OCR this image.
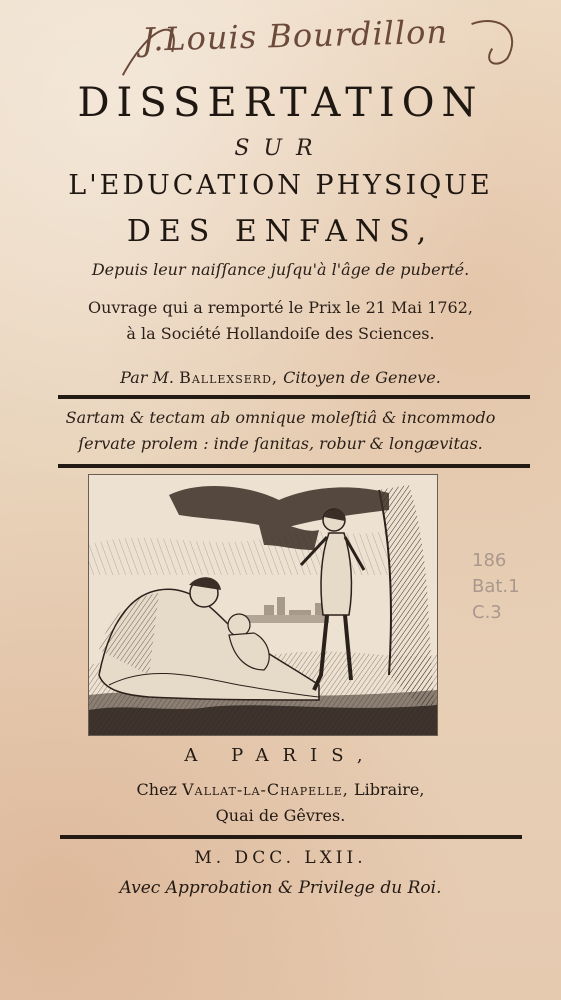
J.Louis Bourdillon
DISSERTATION
SUR
L'EDUCATION PHYSIQUE
DES ENFANS,
Depuis leur naiſſance juſqu'à l'âge de puberté.
Ouvrage qui a remporté le Prix le 21 Mai 1762,
à la Société Hollandoiſe des Sciences.
Par M. Ballexserd, Citoyen de Geneve.
Sartam & tectam ab omnique moleſtiâ & incommodo
ſervate prolem : inde ſanitas, robur & longævitas.
186
Bat.1
C.3
A PARIS,
Chez Vallat-la-Chapelle, Libraire,
Quai de Gêvres.
M. DCC. LXII.
Avec Approbation & Privilege du Roi.
